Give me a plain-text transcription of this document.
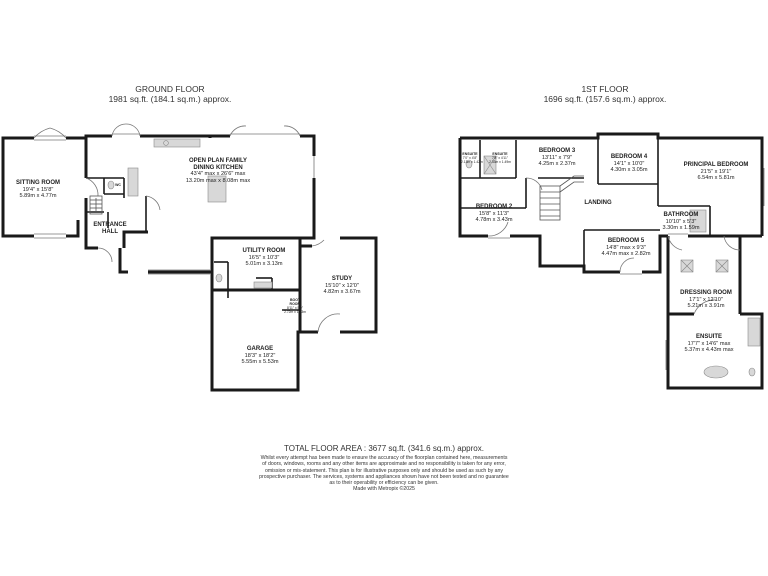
GROUND FLOOR
1981 sq.ft. (184.1 sq.m.) approx.
1ST FLOOR
1696 sq.ft. (157.6 sq.m.) approx.
SITTING ROOM
19'4" x 15'8"
5.89m x 4.77m
OPEN PLAN FAMILY
DINING KITCHEN
43'4" max x 26'6" max
13.20m max x 8.08m max
ENTRANCE
HALL
WC
UTILITY ROOM
16'5" x 10'3"
5.01m x 3.13m
STUDY
15'10" x 12'0"
4.82m x 3.67m
BOOT
ROOM
8'11" x 5'0"
2.72m x 1.53m
GARAGE
18'3" x 18'2"
5.55m x 5.53m
ENSUITE
7'0" x 4'8"
2.13m x 1.42m
ENSUITE
7'8" x 4'11"
2.33m x 1.49m
BEDROOM 3
13'11" x 7'9"
4.25m x 2.37m
BEDROOM 4
14'1" x 10'0"
4.30m x 3.05m
PRINCIPAL BEDROOM
21'5" x 19'1"
6.54m x 5.81m
LANDING
BEDROOM 2
15'8" x 11'3"
4.78m x 3.43m
BATHROOM
10'10" x 5'3"
3.30m x 1.59m
BEDROOM 5
14'8" max x 9'3"
4.47m max x 2.82m
DRESSING ROOM
17'1" x 12'10"
5.21m x 3.91m
ENSUITE
17'7" x 14'6" max
5.37m x 4.43m max
TOTAL FLOOR AREA : 3677 sq.ft. (341.6 sq.m.) approx.
Whilst every attempt has been made to ensure the accuracy of the floorplan contained here, measurements
of doors, windows, rooms and any other items are approximate and no responsibility is taken for any error,
omission or mis-statement. This plan is for illustrative purposes only and should be used as such by any
prospective purchaser. The services, systems and appliances shown have not been tested and no guarantee
as to their operability or efficiency can be given.
Made with Metropix ©2025
